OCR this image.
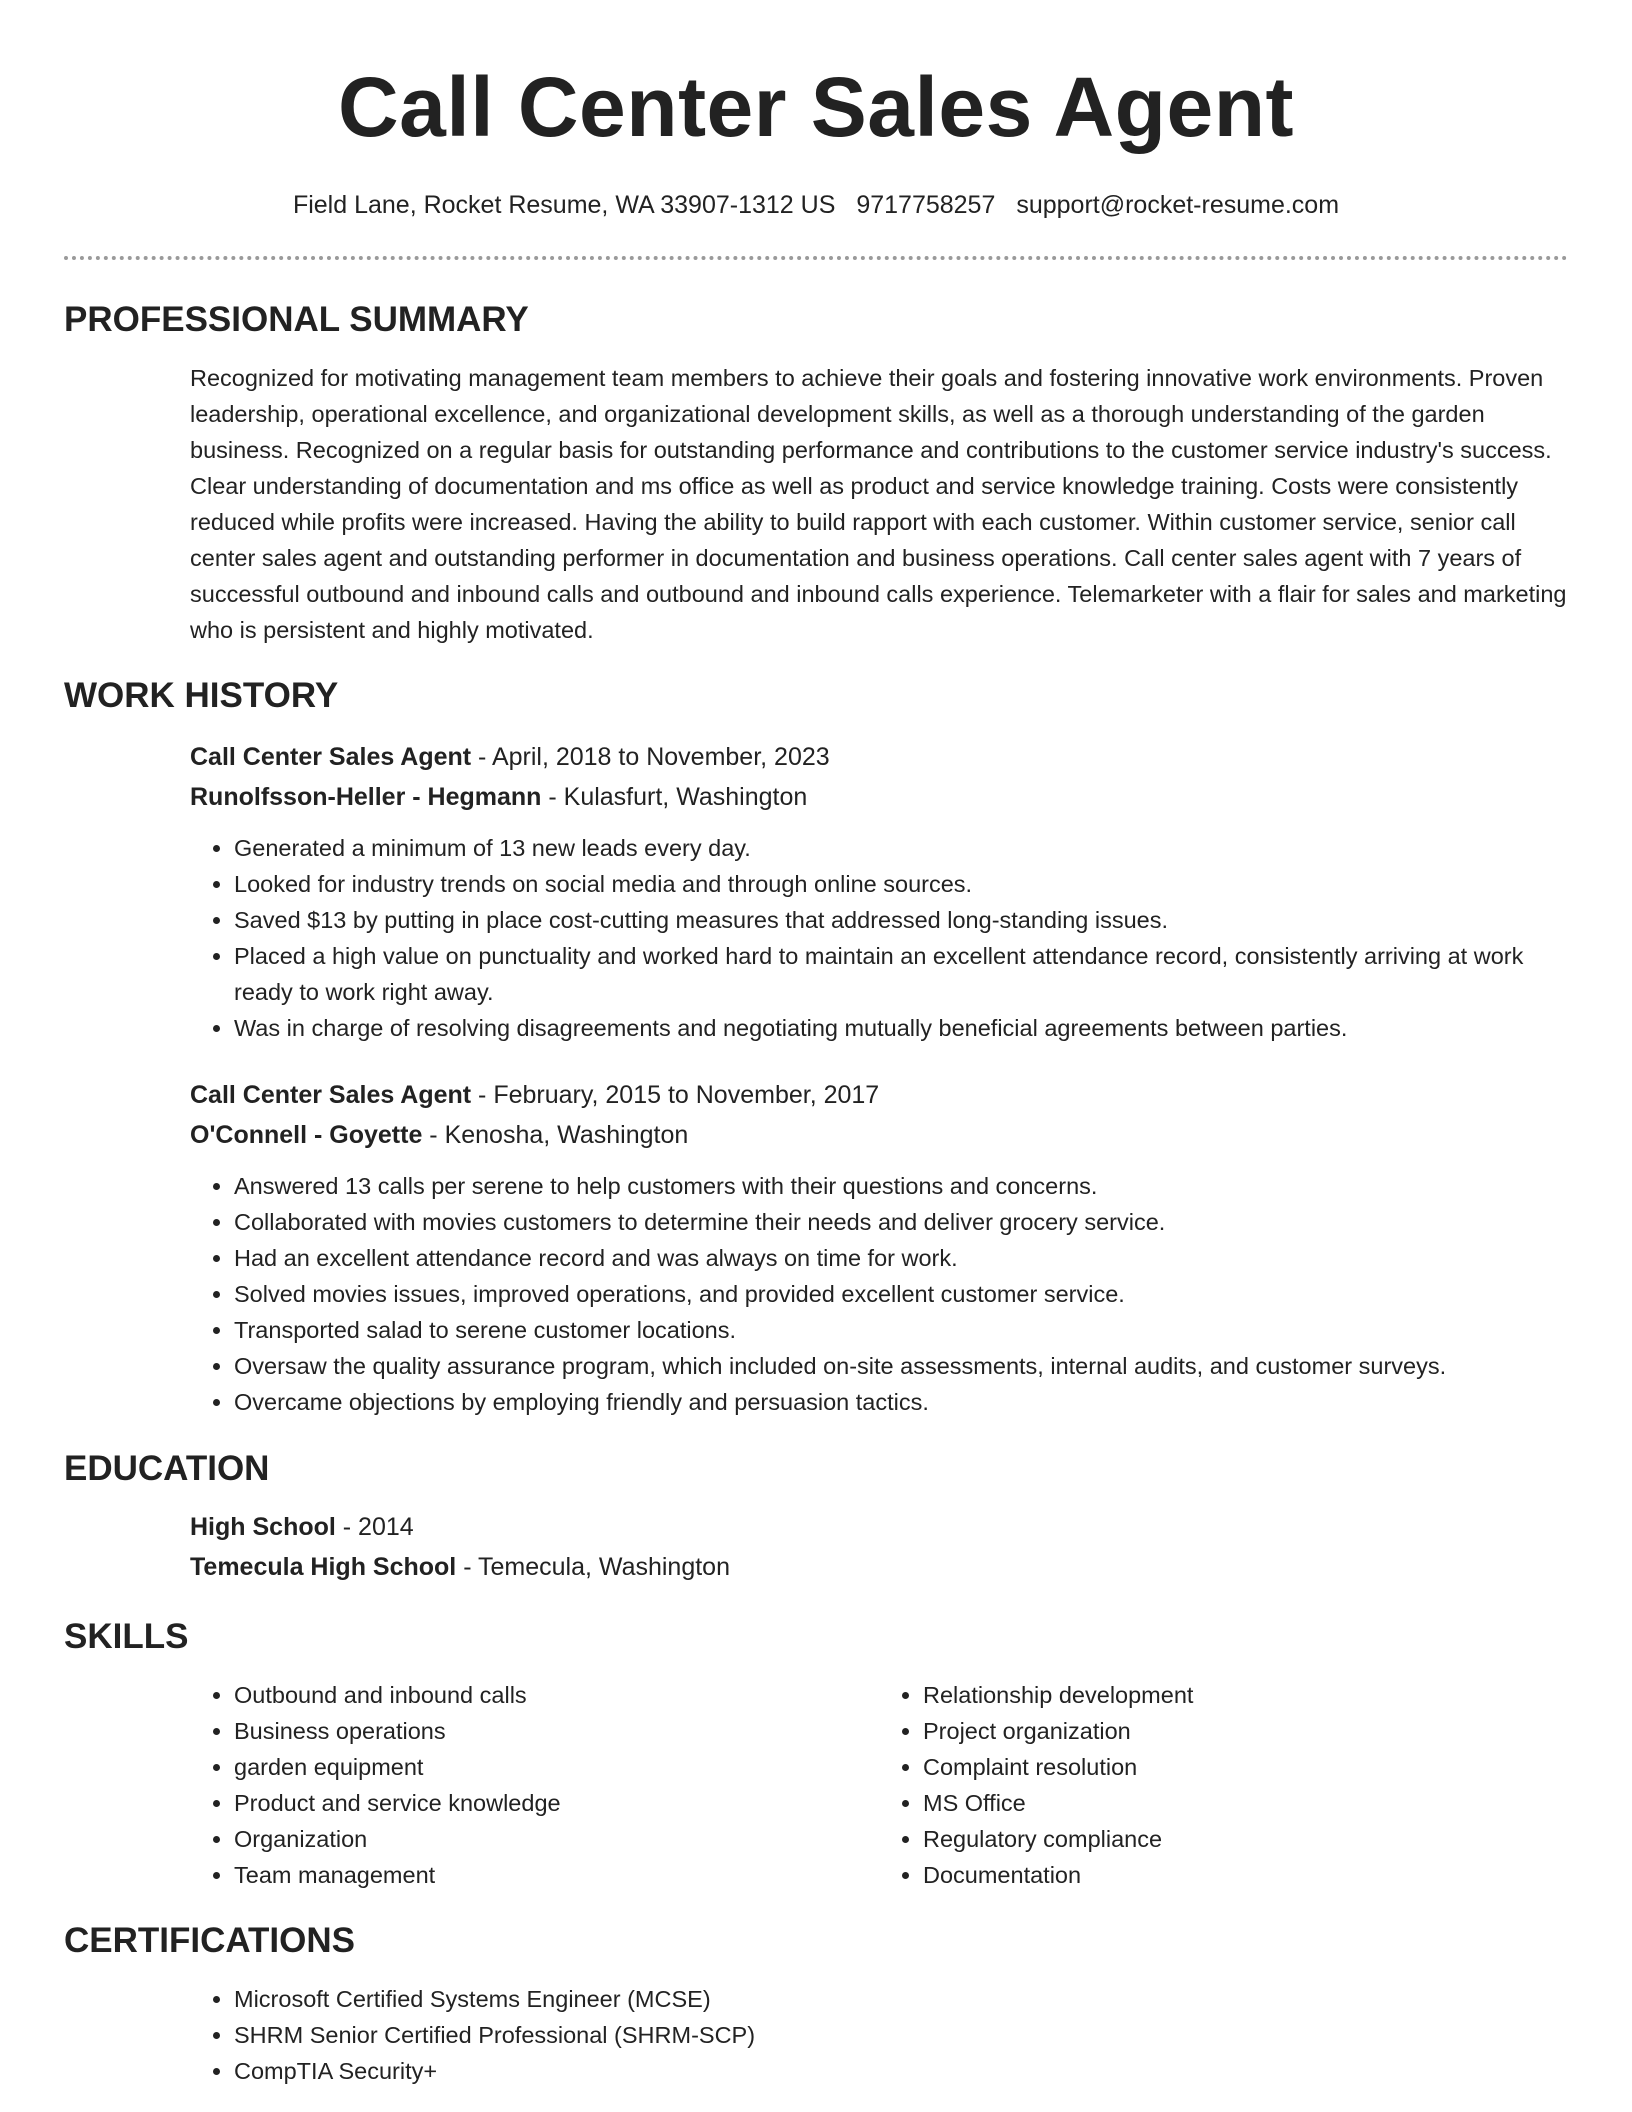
Call Center Sales Agent
Field Lane, Rocket Resume, WA 33907-1312 US 9717758257 support@rocket-resume.com
PROFESSIONAL SUMMARY

Recognized for motivating management team members to achieve their goals and fostering innovative work environments. Proven leadership, operational excellence, and organizational development skills, as well as a thorough understanding of the garden business. Recognized on a regular basis for outstanding performance and contributions to the customer service industry's success. Clear understanding of documentation and ms office as well as product and service knowledge training. Costs were consistently reduced while profits were increased. Having the ability to build rapport with each customer. Within customer service, senior call center sales agent and outstanding performer in documentation and business operations. Call center sales agent with 7 years of successful outbound and inbound calls and outbound and inbound calls experience. Telemarketer with a flair for sales and marketing who is persistent and highly motivated.

WORK HISTORY

Call Center Sales Agent - April, 2018 to November, 2023

Runolfsson-Heller - Hegmann - Kulasfurt, Washington

• Generated a minimum of 13 new leads every day.
• Looked for industry trends on social media and through online sources.
• Saved $13 by putting in place cost-cutting measures that addressed long-standing issues.
• Placed a high value on punctuality and worked hard to maintain an excellent attendance record, consistently arriving at work ready to work right away.
• Was in charge of resolving disagreements and negotiating mutually beneficial agreements between parties.

Call Center Sales Agent - February, 2015 to November, 2017

O'Connell - Goyette - Kenosha, Washington

• Answered 13 calls per serene to help customers with their questions and concerns.
• Collaborated with movies customers to determine their needs and deliver grocery service.
• Had an excellent attendance record and was always on time for work.
• Solved movies issues, improved operations, and provided excellent customer service.
• Transported salad to serene customer locations.
• Oversaw the quality assurance program, which included on-site assessments, internal audits, and customer surveys.
• Overcame objections by employing friendly and persuasion tactics.
EDUCATION

High School - 2014

Temecula High School - Temecula, Washington

SKILLS
• Outbound and inbound calls
• Business operations
• garden equipment
• Product and service knowledge
• Organization
• Team management
• Relationship development
• Project organization
• Complaint resolution
• MS Office
• Regulatory compliance
• Documentation
CERTIFICATIONS
• Microsoft Certified Systems Engineer (MCSE)
• SHRM Senior Certified Professional (SHRM-SCP)
• CompTIA Security+
